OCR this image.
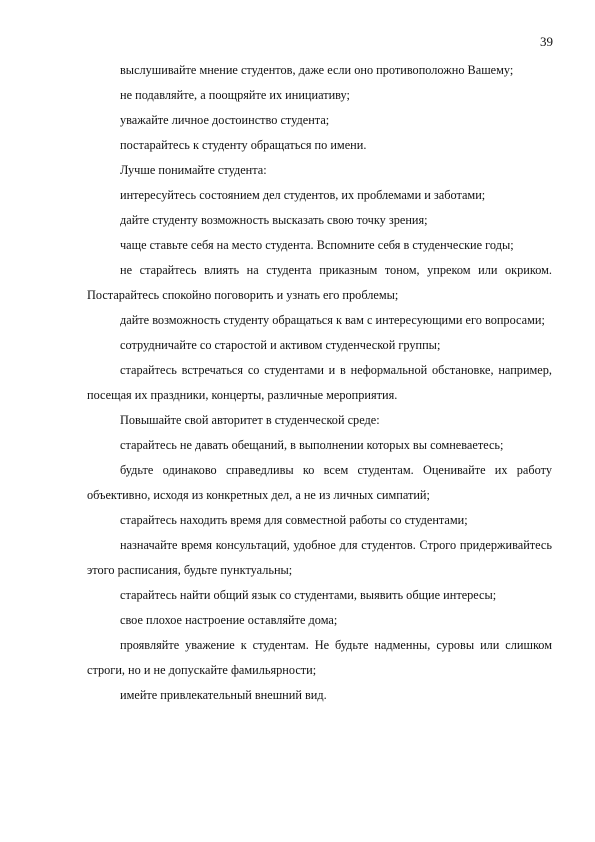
39

выслушивайте мнение студентов, даже если оно противоположно Вашему;

не подавляйте, а поощряйте их инициативу;

уважайте личное достоинство студента;

постарайтесь к студенту обращаться по имени.

Лучше понимайте студента:

интересуйтесь состоянием дел студентов, их проблемами и заботами;

дайте студенту возможность высказать свою точку зрения;

чаще ставьте себя на место студента. Вспомните себя в студенческие годы;

не старайтесь влиять на студента приказным тоном, упреком или окриком. Постарайтесь спокойно поговорить и узнать его проблемы;

дайте возможность студенту обращаться к вам с интересующими его вопросами;

сотрудничайте со старостой и активом студенческой группы;

старайтесь встречаться со студентами и в неформальной обстановке, например, посещая их праздники, концерты, различные мероприятия.

Повышайте свой авторитет в студенческой среде:

старайтесь не давать обещаний, в выполнении которых вы сомневаетесь;

будьте одинаково справедливы ко всем студентам. Оценивайте их работу объективно, исходя из конкретных дел, а не из личных симпатий;

старайтесь находить время для совместной работы со студентами;

назначайте время консультаций, удобное для студентов. Строго придерживайтесь этого расписания, будьте пунктуальны;

старайтесь найти общий язык со студентами, выявить общие интересы;

свое плохое настроение оставляйте дома;

проявляйте уважение к студентам. Не будьте надменны, суровы или слишком строги, но и не допускайте фамильярности;

имейте привлекательный внешний вид.
